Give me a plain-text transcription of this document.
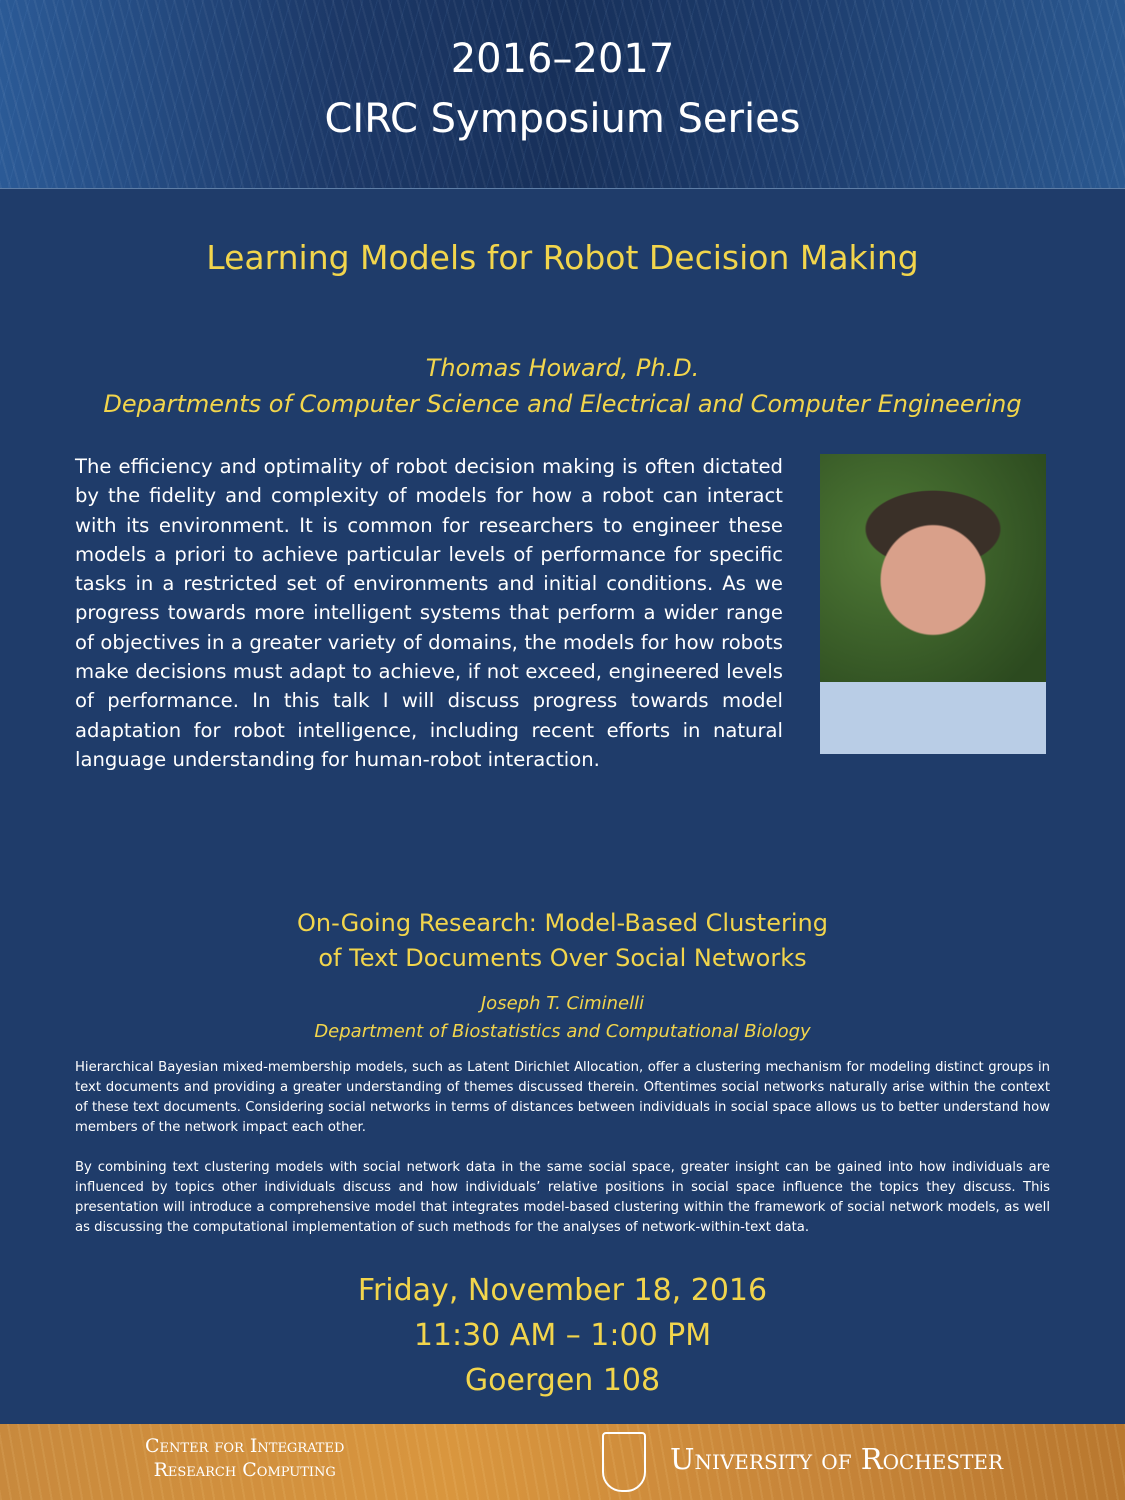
2016–2017
CIRC Symposium Series
Learning Models for Robot Decision Making
Thomas Howard, Ph.D.
Departments of Computer Science and Electrical and Computer Engineering
The efficiency and optimality of robot decision making is often dictated by the fidelity and complexity of models for how a robot can interact with its environment. It is common for researchers to engineer these models a priori to achieve particular levels of performance for specific tasks in a restricted set of environments and initial conditions. As we progress towards more intelligent systems that perform a wider range of objectives in a greater variety of domains, the models for how robots make decisions must adapt to achieve, if not exceed, engineered levels of performance. In this talk I will discuss progress towards model adaptation for robot intelligence, including recent efforts in natural language understanding for human-robot interaction.
On-Going Research: Model-Based Clustering
of Text Documents Over Social Networks
Joseph T. Ciminelli
Department of Biostatistics and Computational Biology
Hierarchical Bayesian mixed-membership models, such as Latent Dirichlet Allocation, offer a clustering mechanism for modeling distinct groups in text documents and providing a greater understanding of themes discussed therein. Oftentimes social networks naturally arise within the context of these text documents. Considering social networks in terms of distances between individuals in social space allows us to better understand how members of the network impact each other.
By combining text clustering models with social network data in the same social space, greater insight can be gained into how individuals are influenced by topics other individuals discuss and how individuals’ relative positions in social space influence the topics they discuss. This presentation will introduce a comprehensive model that integrates model-based clustering within the framework of social network models, as well as discussing the computational implementation of such methods for the analyses of network-within-text data.
Friday, November 18, 2016
11:30 AM – 1:00 PM
Goergen 108
Center for Integrated
Research Computing	University of Rochester
